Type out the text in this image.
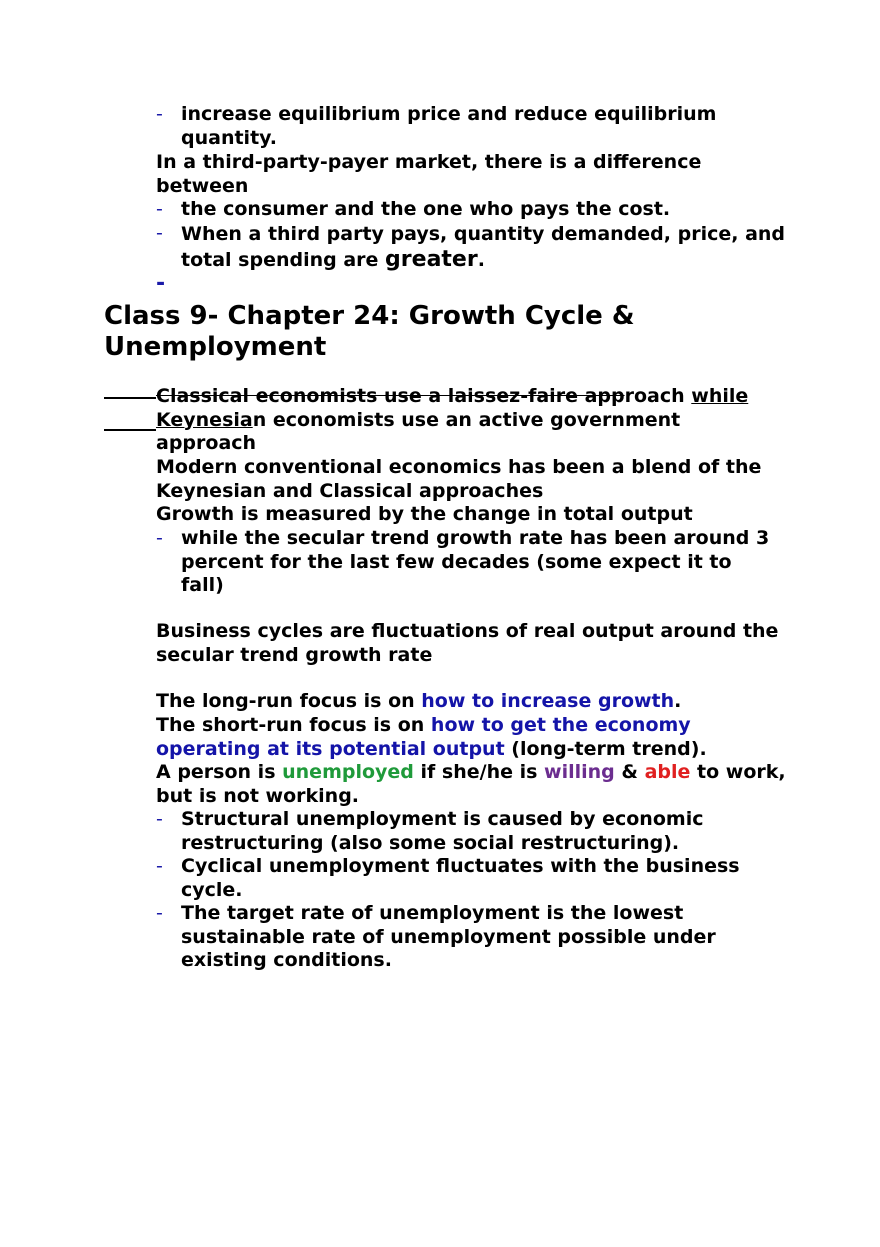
- increase equilibrium price and reduce equilibrium quantity.

In a third-party-payer market, there is a difference between

- the consumer and the one who pays the cost.

- When a third party pays, quantity demanded, price, and total spending are greater.

-
Class 9- Chapter 24: Growth Cycle & Unemployment

Classical economists use a laissez-faire approach while Keynesian economists use an active government approach

Modern conventional economics has been a blend of the Keynesian and Classical approaches

Growth is measured by the change in total output

- while the secular trend growth rate has been around 3 percent for the last few decades (some expect it to fall)

Business cycles are fluctuations of real output around the secular trend growth rate

The long-run focus is on how to increase growth.

The short-run focus is on how to get the economy operating at its potential output (long-term trend).

A person is unemployed if she/he is willing & able to work, but is not working.

- Structural unemployment is caused by economic restructuring (also some social restructuring).

- Cyclical unemployment fluctuates with the business cycle.

- The target rate of unemployment is the lowest sustainable rate of unemployment possible under existing conditions.
